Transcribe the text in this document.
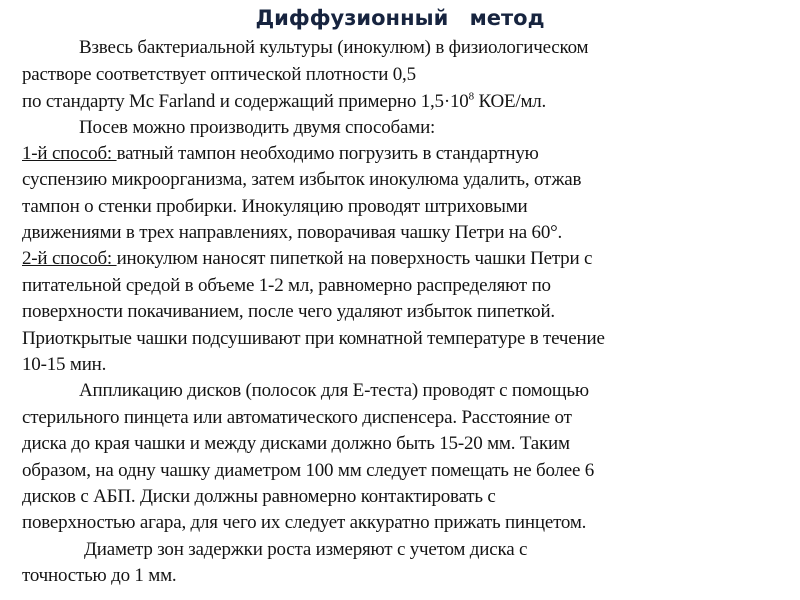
Диффузионный метод
Взвесь бактериальной культуры (инокулюм) в физиологическом
растворе соответствует оптической плотности 0,5
по стандарту Mc Farland и содержащий примерно $1,5\cdot 10^8$ КОЕ/мл.
Посев можно производить двумя способами:
1-й способ: ватный тампон необходимо погрузить в стандартную
суспензию микроорганизма, затем избыток инокулюма удалить, отжав
тампон о стенки пробирки. Инокуляцию проводят штриховыми
движениями в трех направлениях, поворачивая чашку Петри на 60°.
2-й способ: инокулюм наносят пипеткой на поверхность чашки Петри с
питательной средой в объеме 1-2 мл, равномерно распределяют по
поверхности покачиванием, после чего удаляют избыток пипеткой.
Приоткрытые чашки подсушивают при комнатной температуре в течение
10-15 мин.
Аппликацию дисков (полосок для Е-теста) проводят с помощью
стерильного пинцета или автоматического диспенсера. Расстояние от
диска до края чашки и между дисками должно быть 15-20 мм. Таким
образом, на одну чашку диаметром 100 мм следует помещать не более 6
дисков с АБП. Диски должны равномерно контактировать с
поверхностью агара, для чего их следует аккуратно прижать пинцетом.
Диаметр зон задержки роста измеряют с учетом диска с
точностью до 1 мм.
